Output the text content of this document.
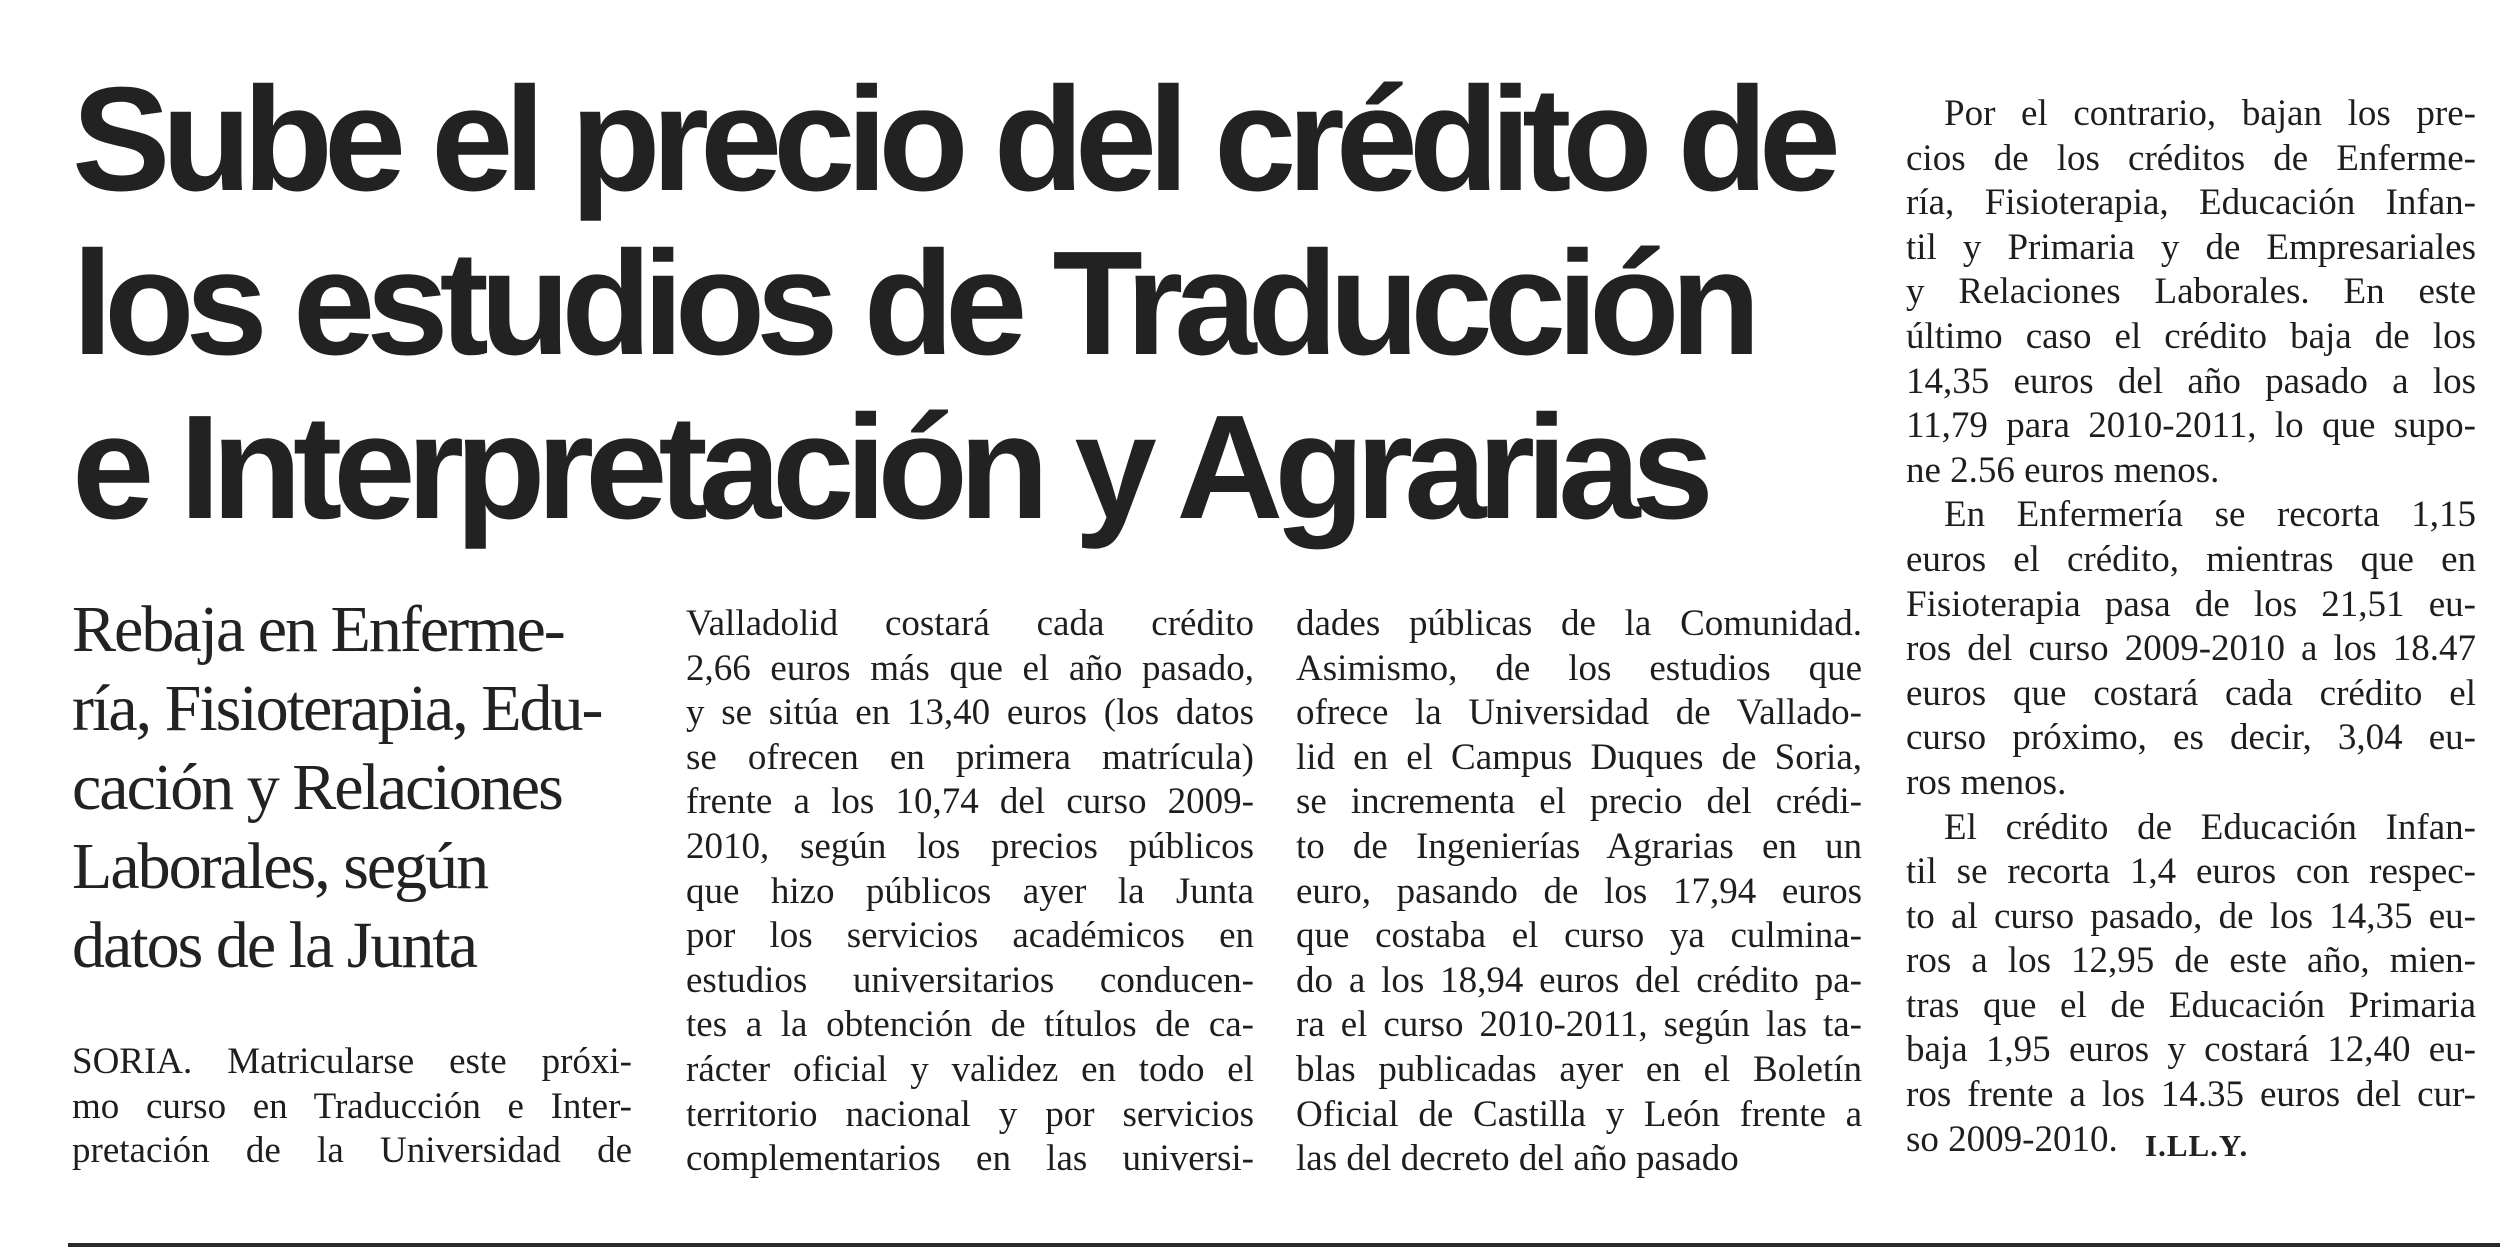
Sube el precio del crédito de
los estudios de Traducción
e Interpretación y Agrarias
Rebaja en Enferme-
ría, Fisioterapia, Edu-
cación y Relaciones
Laborales, según
datos de la Junta
SORIA. Matricularse este próxi-
mo curso en Traducción e Inter-
pretación de la Universidad de
Valladolid costará cada crédito
2,66 euros más que el año pasado,
y se sitúa en 13,40 euros (los datos
se ofrecen en primera matrícula)
frente a los 10,74 del curso 2009-
2010, según los precios públicos
que hizo públicos ayer la Junta
por los servicios académicos en
estudios universitarios conducen-
tes a la obtención de títulos de ca-
rácter oficial y validez en todo el
territorio nacional y por servicios
complementarios en las universi-
dades públicas de la Comunidad.
Asimismo, de los estudios que
ofrece la Universidad de Vallado-
lid en el Campus Duques de Soria,
se incrementa el precio del crédi-
to de Ingenierías Agrarias en un
euro, pasando de los 17,94 euros
que costaba el curso ya culmina-
do a los 18,94 euros del crédito pa-
ra el curso 2010-2011, según las ta-
blas publicadas ayer en el Boletín
Oficial de Castilla y León frente a
las del decreto del año pasado
Por el contrario, bajan los pre-
cios de los créditos de Enferme-
ría, Fisioterapia, Educación Infan-
til y Primaria y de Empresariales
y Relaciones Laborales. En este
último caso el crédito baja de los
14,35 euros del año pasado a los
11,79 para 2010-2011, lo que supo-
ne 2.56 euros menos.
En Enfermería se recorta 1,15
euros el crédito, mientras que en
Fisioterapia pasa de los 21,51 eu-
ros del curso 2009-2010 a los 18.47
euros que costará cada crédito el
curso próximo, es decir, 3,04 eu-
ros menos.
El crédito de Educación Infan-
til se recorta 1,4 euros con respec-
to al curso pasado, de los 14,35 eu-
ros a los 12,95 de este año, mien-
tras que el de Educación Primaria
baja 1,95 euros y costará 12,40 eu-
ros frente a los 14.35 euros del cur-
so 2009-2010. I.LL.Y.
